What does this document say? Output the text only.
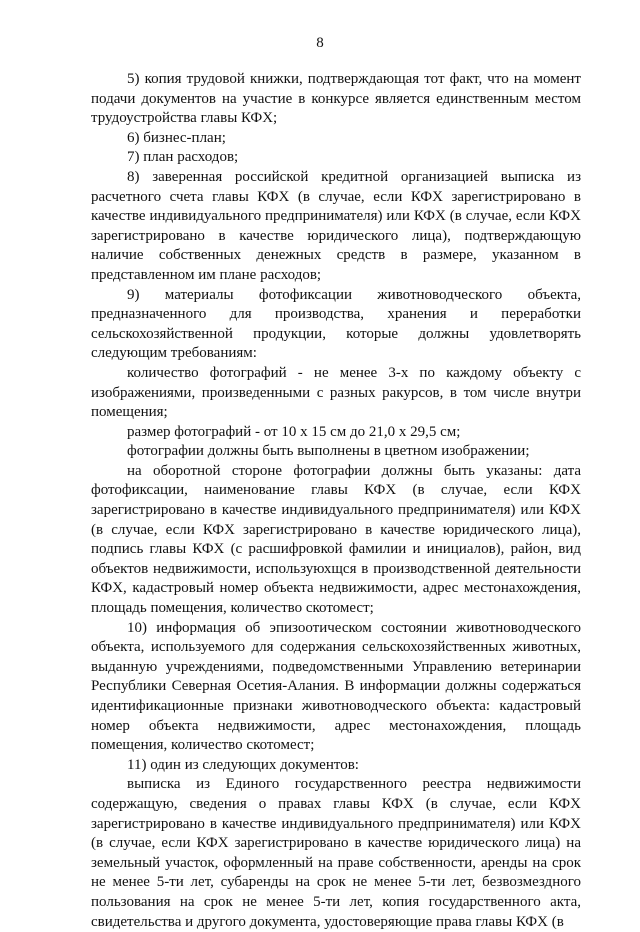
8

5) копия трудовой книжки, подтверждающая тот факт, что на момент подачи документов на участие в конкурсе является единственным местом трудоустройства главы КФХ;

6) бизнес-план;

7) план расходов;

8) заверенная российской кредитной организацией выписка из расчетного счета главы КФХ (в случае, если КФХ зарегистрировано в качестве индивидуального предпринимателя) или КФХ (в случае, если КФХ зарегистрировано в качестве юридического лица), подтверждающую наличие собственных денежных средств в размере, указанном в представленном им плане расходов;

9) материалы фотофиксации животноводческого объекта, предназначенного для производства, хранения и переработки сельскохозяйственной продукции, которые должны удовлетворять следующим требованиям:

количество фотографий - не менее 3-х по каждому объекту с изображениями, произведенными с разных ракурсов, в том числе внутри помещения;

размер фотографий - от 10 х 15 см до 21,0 х 29,5 см;

фотографии должны быть выполнены в цветном изображении;

на оборотной стороне фотографии должны быть указаны: дата фотофиксации, наименование главы КФХ (в случае, если КФХ зарегистрировано в качестве индивидуального предпринимателя) или КФХ (в случае, если КФХ зарегистрировано в качестве юридического лица), подпись главы КФХ (с расшифровкой фамилии и инициалов), район, вид объектов недвижимости, используюхщся в производственной деятельности КФХ, кадастровый номер объекта недвижимости, адрес местонахождения, площадь помещения, количество скотомест;

10) информация об эпизоотическом состоянии животноводческого объекта, используемого для содержания сельскохозяйственных животных, выданную учреждениями, подведомственными Управлению ветеринарии Республики Северная Осетия-Алания. В информации должны содержаться идентификационные признаки животноводческого объекта: кадастровый номер объекта недвижимости, адрес местонахождения, площадь помещения, количество скотомест;

11) один из следующих документов:

выписка из Единого государственного реестра недвижимости содержащую, сведения о правах главы КФХ (в случае, если КФХ зарегистрировано в качестве индивидуального предпринимателя) или КФХ (в случае, если КФХ зарегистрировано в качестве юридического лица) на земельный участок, оформленный на праве собственности, аренды на срок не менее 5-ти лет, субаренды на срок не менее 5-ти лет, безвозмездного пользования на срок не менее 5-ти лет, копия государственного акта, свидетельства и другого документа, удостоверяющие права главы КФХ (в
